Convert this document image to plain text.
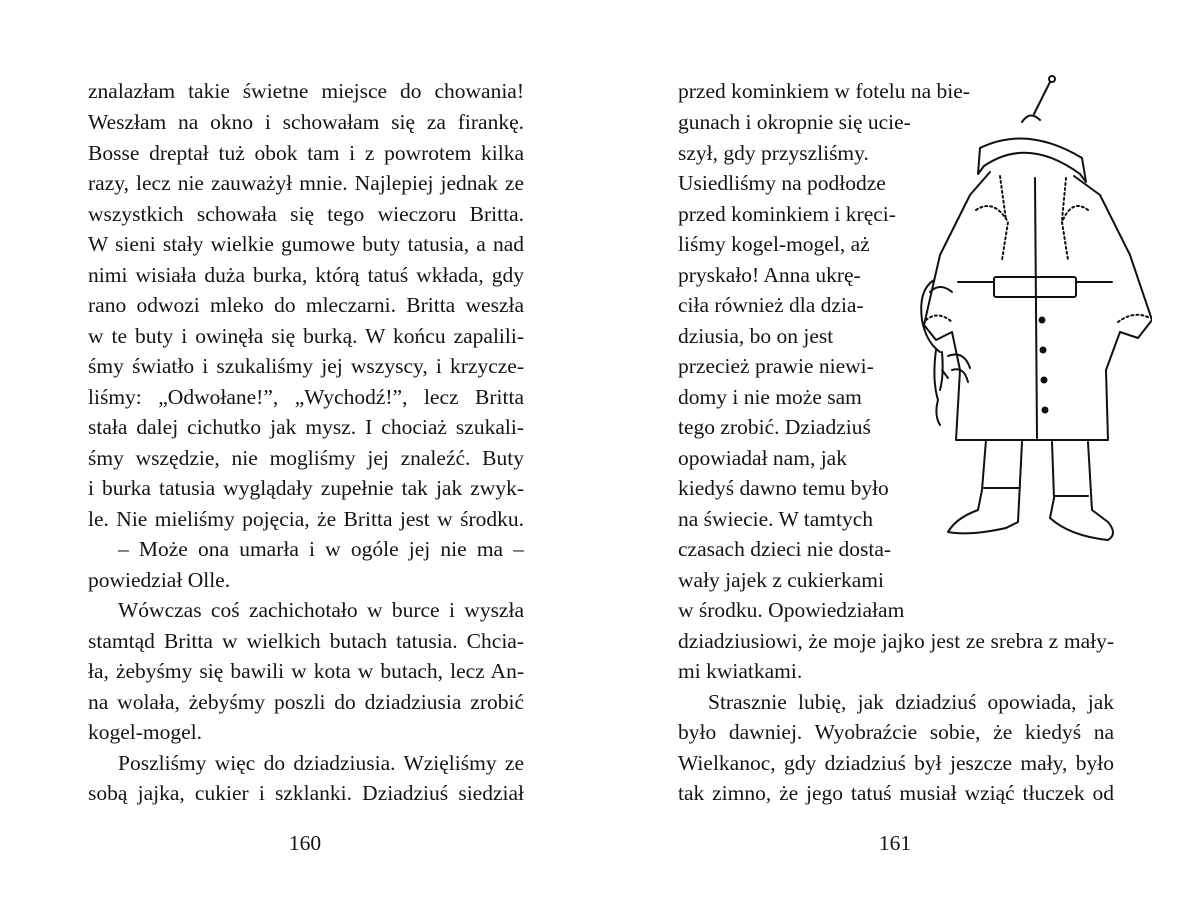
znalazłam takie świetne miejsce do chowania!
Weszłam na okno i schowałam się za firankę.
Bosse dreptał tuż obok tam i z powrotem kilka
razy, lecz nie zauważył mnie. Najlepiej jednak ze
wszystkich schowała się tego wieczoru Britta.
W sieni stały wielkie gumowe buty tatusia, a nad
nimi wisiała duża burka, którą tatuś wkłada, gdy
rano odwozi mleko do mleczarni. Britta weszła
w te buty i owinęła się burką. W końcu zapalili-
śmy światło i szukaliśmy jej wszyscy, i krzycze-
liśmy: „Odwołane!”, „Wychodź!”, lecz Britta
stała dalej cichutko jak mysz. I chociaż szukali-
śmy wszędzie, nie mogliśmy jej znaleźć. Buty
i burka tatusia wyglądały zupełnie tak jak zwyk-
le. Nie mieliśmy pojęcia, że Britta jest w środku.
– Może ona umarła i w ogóle jej nie ma –
powiedział Olle.
Wówczas coś zachichotało w burce i wyszła
stamtąd Britta w wielkich butach tatusia. Chcia-
ła, żebyśmy się bawili w kota w butach, lecz An-
na wolała, żebyśmy poszli do dziadziusia zrobić
kogel-mogel.
Poszliśmy więc do dziadziusia. Wzięliśmy ze
sobą jajka, cukier i szklanki. Dziadziuś siedział
160
przed kominkiem w fotelu na bie-
gunach i okropnie się ucie-
szył, gdy przyszliśmy.
Usiedliśmy na podłodze
przed kominkiem i kręci-
liśmy kogel-mogel, aż
pryskało! Anna ukrę-
ciła również dla dzia-
dziusia, bo on jest
przecież prawie niewi-
domy i nie może sam
tego zrobić. Dziadziuś
opowiadał nam, jak
kiedyś dawno temu było
na świecie. W tamtych
czasach dzieci nie dosta-
wały jajek z cukierkami
w środku. Opowiedziałam
dziadziusiowi, że moje jajko jest ze srebra z mały-
mi kwiatkami.
Strasznie lubię, jak dziadziuś opowiada, jak
było dawniej. Wyobraźcie sobie, że kiedyś na
Wielkanoc, gdy dziadziuś był jeszcze mały, było
tak zimno, że jego tatuś musiał wziąć tłuczek od
161
